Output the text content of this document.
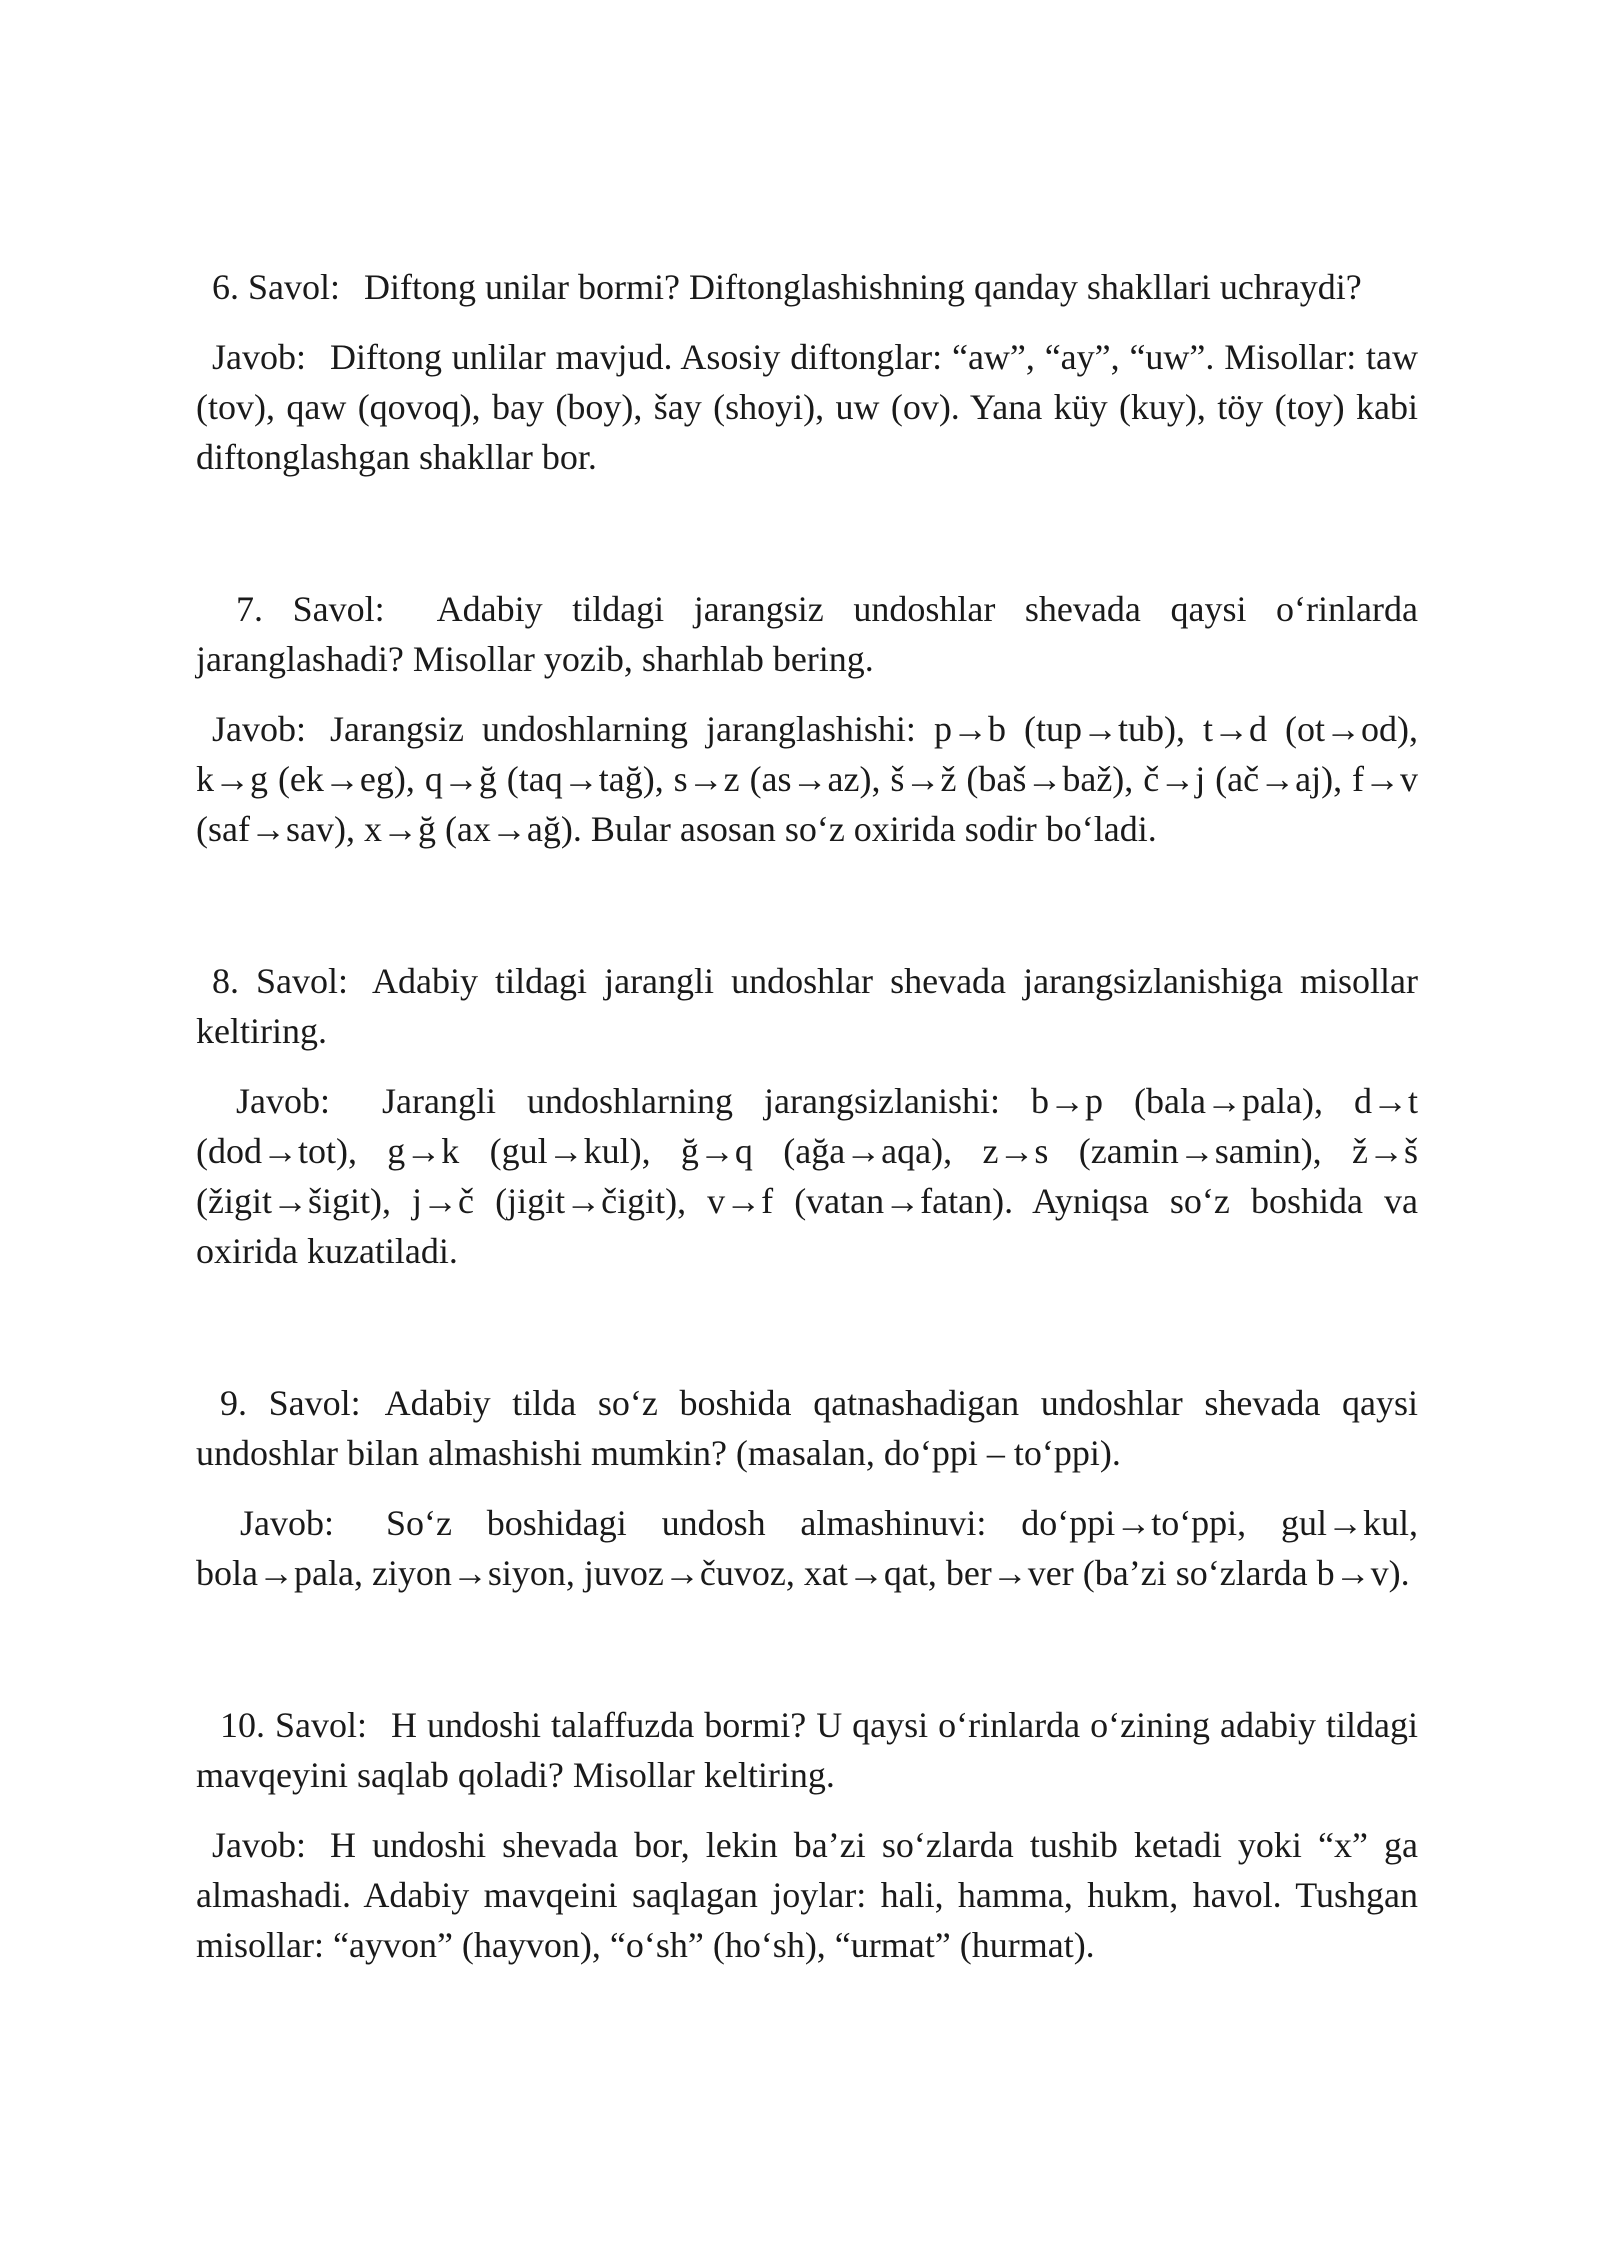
6. Savol: Diftong unilar bormi? Diftonglashishning qanday shakllari uchraydi?

Javob: Diftong unlilar mavjud. Asosiy diftonglar: “aw”, “ay”, “uw”. Misollar: taw (tov), qaw (qovoq), bay (boy), šay (shoyi), uw (ov). Yana küy (kuy), töy (toy) kabi diftonglashgan shakllar bor.

7. Savol: Adabiy tildagi jarangsiz undoshlar shevada qaysi o‘rinlarda jaranglashadi? Misollar yozib, sharhlab bering.

Javob: Jarangsiz undoshlarning jaranglashishi: p→b (tup→tub), t→d (ot→od), k→g (ek→eg), q→ğ (taq→tağ), s→z (as→az), š→ž (baš→baž), č→j (ač→aj), f→v (saf→sav), x→ğ (ax→ağ). Bular asosan so‘z oxirida sodir bo‘ladi.

8. Savol: Adabiy tildagi jarangli undoshlar shevada jarangsizlanishiga misollar keltiring.

Javob: Jarangli undoshlarning jarangsizlanishi: b→p (bala→pala), d→t (dod→tot), g→k (gul→kul), ğ→q (ağa→aqa), z→s (zamin→samin), ž→š (žigit→šigit), j→č (jigit→čigit), v→f (vatan→fatan). Ayniqsa so‘z boshida va oxirida kuzatiladi.

9. Savol: Adabiy tilda so‘z boshida qatnashadigan undoshlar shevada qaysi undoshlar bilan almashishi mumkin? (masalan, do‘ppi – to‘ppi).

Javob: So‘z boshidagi undosh almashinuvi: do‘ppi→to‘ppi, gul→kul, bola→pala, ziyon→siyon, juvoz→čuvoz, xat→qat, ber→ver (ba’zi so‘zlarda b→v).

10. Savol: H undoshi talaffuzda bormi? U qaysi o‘rinlarda o‘zining adabiy tildagi mavqeyini saqlab qoladi? Misollar keltiring.

Javob: H undoshi shevada bor, lekin ba’zi so‘zlarda tushib ketadi yoki “x” ga almashadi. Adabiy mavqeini saqlagan joylar: hali, hamma, hukm, havol. Tushgan misollar: “ayvon” (hayvon), “o‘sh” (ho‘sh), “urmat” (hurmat).
